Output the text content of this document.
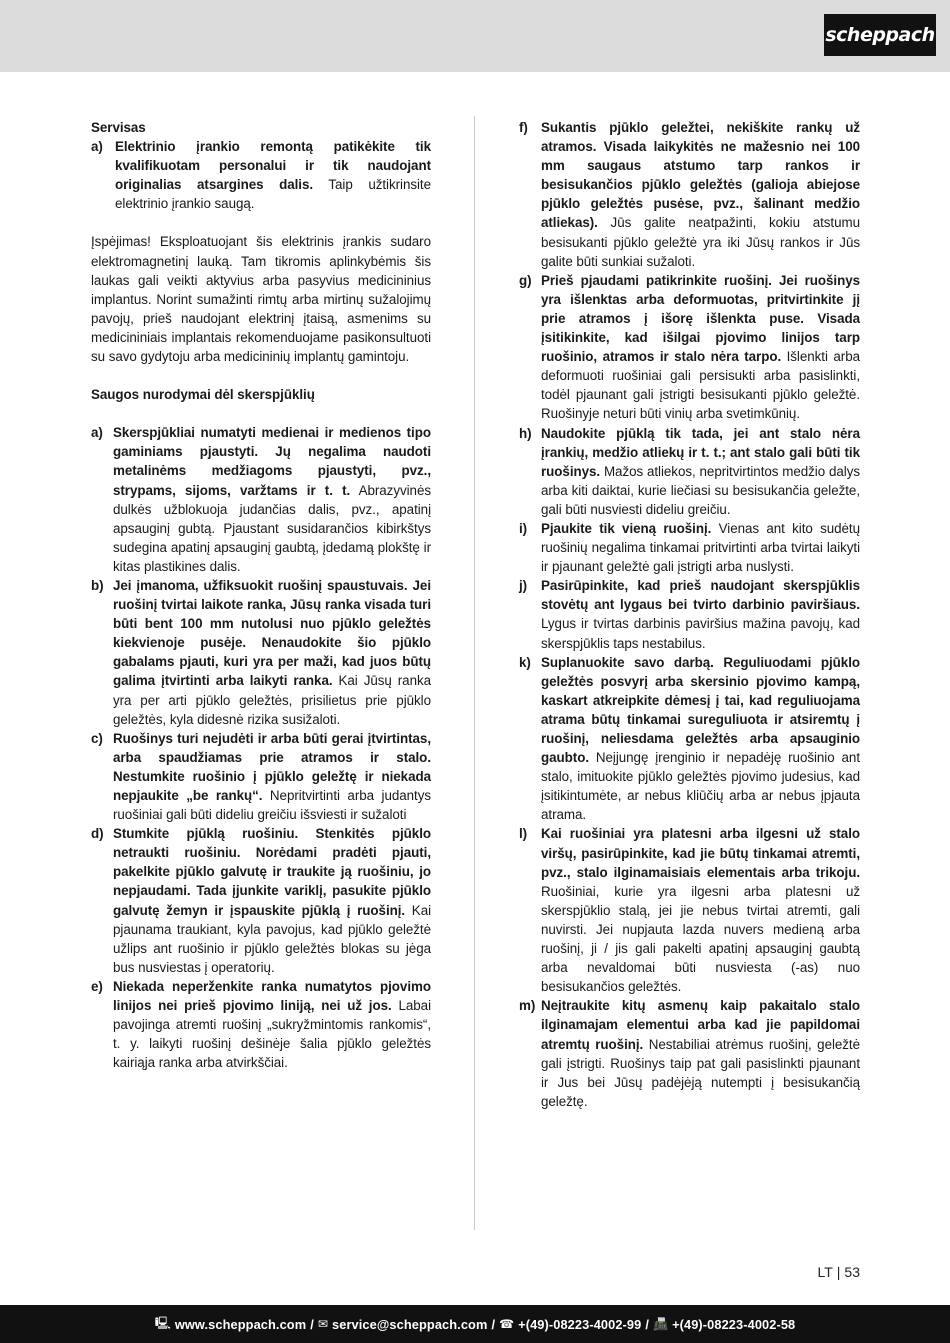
scheppach

Servisas

a) Elektrinio įrankio remontą patikėkite tik kvalifikuotam personalui ir tik naudojant originalias atsargines dalis. Taip užtikrinsite elektrinio įrankio saugą.

Įspėjimas! Eksploatuojant šis elektrinis įrankis sudaro elektromagnetinį lauką. Tam tikromis aplinkybėmis šis laukas gali veikti aktyvius arba pasyvius medicininius implantus. Norint sumažinti rimtų arba mirtinų sužalojimų pavojų, prieš naudojant elektrinį įtaisą, asmenims su medicininiais implantais rekomenduojame pasikonsultuoti su savo gydytoju arba medicininių implantų gamintoju.

Saugos nurodymai dėl skerspjūklių

a) Skerspjūkliai numatyti medienai ir medienos tipo gaminiams pjaustyti. Jų negalima naudoti metalinėms medžiagoms pjaustyti, pvz., strypams, sijoms, varžtams ir t. t. Abrazyvinės dulkės užblokuoja judančias dalis, pvz., apatinį apsauginį gubtą. Pjaustant susidarančios kibirkštys sudegina apatinį apsauginį gaubtą, įdedamą plokštę ir kitas plastikines dalis.
b) Jei įmanoma, užfiksuokit ruošinį spaustuvais. Jei ruošinį tvirtai laikote ranka, Jūsų ranka visada turi būti bent 100 mm nutolusi nuo pjūklo geležtės kiekvienoje pusėje. Nenaudokite šio pjūklo gabalams pjauti, kuri yra per maži, kad juos būtų galima įtvirtinti arba laikyti ranka. Kai Jūsų ranka yra per arti pjūklo geležtės, prisilietus prie pjūklo geležtės, kyla didesnė rizika susižaloti.
c) Ruošinys turi nejudėti ir arba būti gerai įtvirtintas, arba spaudžiamas prie atramos ir stalo. Nestumkite ruošinio į pjūklo geležtę ir niekada nepjaukite „be rankų“. Nepritvirtinti arba judantys ruošiniai gali būti dideliu greičiu išsviesti ir sužaloti
d) Stumkite pjūklą ruošiniu. Stenkitės pjūklo netraukti ruošiniu. Norėdami pradėti pjauti, pakelkite pjūklo galvutę ir traukite ją ruošiniu, jo nepjaudami. Tada įjunkite variklį, pasukite pjūklo galvutę žemyn ir įspauskite pjūklą į ruošinį. Kai pjaunama traukiant, kyla pavojus, kad pjūklo geležtė užlips ant ruošinio ir pjūklo geležtės blokas su jėga bus nusviestas į operatorių.
e) Niekada neperženkite ranka numatytos pjovimo linijos nei prieš pjovimo liniją, nei už jos. Labai pavojinga atremti ruošinį „sukryžmintomis rankomis“, t. y. laikyti ruošinį dešinėje šalia pjūklo geležtės kairiąja ranka arba atvirkščiai.
f) Sukantis pjūklo geležtei, nekiškite rankų už atramos. Visada laikykitės ne mažesnio nei 100 mm saugaus atstumo tarp rankos ir besisukančios pjūklo geležtės (galioja abiejose pjūklo geležtės pusėse, pvz., šalinant medžio atliekas). Jūs galite neatpažinti, kokiu atstumu besisukanti pjūklo geležtė yra iki Jūsų rankos ir Jūs galite būti sunkiai sužaloti.
g) Prieš pjaudami patikrinkite ruošinį. Jei ruošinys yra išlenktas arba deformuotas, pritvirtinkite jį prie atramos į išorę išlenkta puse. Visada įsitikinkite, kad išilgai pjovimo linijos tarp ruošinio, atramos ir stalo nėra tarpo. Išlenkti arba deformuoti ruošiniai gali persisukti arba pasislinkti, todėl pjaunant gali įstrigti besisukanti pjūklo geležtė. Ruošinyje neturi būti vinių arba svetimkūnių.
h) Naudokite pjūklą tik tada, jei ant stalo nėra įrankių, medžio atliekų ir t. t.; ant stalo gali būti tik ruošinys. Mažos atliekos, nepritvirtintos medžio dalys arba kiti daiktai, kurie liečiasi su besisukančia geležte, gali būti nusviesti dideliu greičiu.
i)	Pjaukite tik vieną ruošinį. Vienas ant kito sudėtų ruošinių negalima tinkamai pritvirtinti arba tvirtai laikyti ir pjaunant geležtė gali įstrigti arba nuslysti.
j)	Pasirūpinkite, kad prieš naudojant skerspjūklis stovėtų ant lygaus bei tvirto darbinio paviršiaus. Lygus ir tvirtas darbinis paviršius mažina pavojų, kad skerspjūklis taps nestabilus.
k) Suplanuokite savo darbą. Reguliuodami pjūklo geležtės posvyrį arba skersinio pjovimo kampą, kaskart atkreipkite dėmesį į tai, kad reguliuojama atrama būtų tinkamai sureguliuota ir atsiremtų į ruošinį, neliesdama geležtės arba apsauginio gaubto. Neįjungę įrenginio ir nepadėję ruošinio ant stalo, imituokite pjūklo geležtės pjovimo judesius, kad įsitikintumėte, ar nebus kliūčių arba ar nebus įpjauta atrama.
l)	Kai ruošiniai yra platesni arba ilgesni už stalo viršų, pasirūpinkite, kad jie būtų tinkamai atremti, pvz., stalo ilginamaisiais elementais arba trikoju. Ruošiniai, kurie yra ilgesni arba platesni už skerspjūklio stalą, jei jie nebus tvirtai atremti, gali nuvirsti. Jei nupjauta lazda nuvers medieną arba ruošinį, ji / jis gali pakelti apatinį apsauginį gaubtą arba nevaldomai būti nusviesta (-as) nuo besisukančios geležtės.
m) Neįtraukite kitų asmenų kaip pakaitalo stalo ilginamajam elementui arba kad jie papildomai atremtų ruošinį. Nestabiliai atrėmus ruošinį, geležtė gali įstrigti. Ruošinys taip pat gali pasislinkti pjaunant ir Jus bei Jūsų padėjėją nutempti į besisukančią geležtę.
LT | 53
🖳 www.scheppach.com / ✉ service@scheppach.com / ☎ +(49)-08223-4002-99 / 📠 +(49)-08223-4002-58
